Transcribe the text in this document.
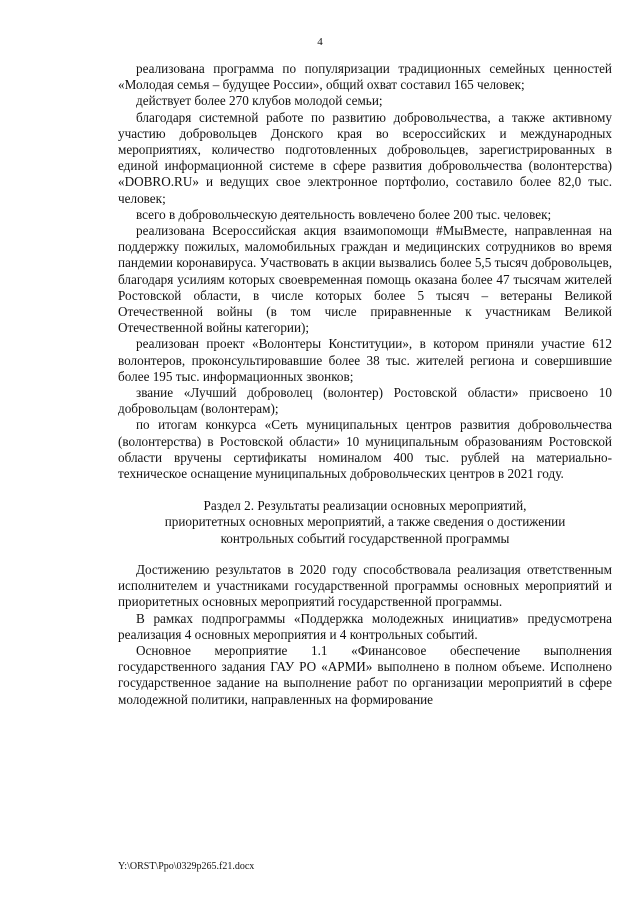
4

реализована программа по популяризации традиционных семейных ценностей «Молодая семья – будущее России», общий охват составил 165 человек;

действует более 270 клубов молодой семьи;

благодаря системной работе по развитию добровольчества, а также активному участию добровольцев Донского края во всероссийских и международных мероприятиях, количество подготовленных добровольцев, зарегистрированных в единой информационной системе в сфере развития добровольчества (волонтерства) «DOBRO.RU» и ведущих свое электронное портфолио, составило более 82,0 тыс. человек;

всего в добровольческую деятельность вовлечено более 200 тыс. человек;

реализована Всероссийская акция взаимопомощи #МыВместе, направленная на поддержку пожилых, маломобильных граждан и медицинских сотрудников во время пандемии коронавируса. Участвовать в акции вызвались более 5,5 тысяч добровольцев, благодаря усилиям которых своевременная помощь оказана более 47 тысячам жителей Ростовской области, в числе которых более 5 тысяч – ветераны Великой Отечественной войны (в том числе приравненные к участникам Великой Отечественной войны категории);

реализован проект «Волонтеры Конституции», в котором приняли участие 612 волонтеров, проконсультировавшие более 38 тыс. жителей региона и совершившие более 195 тыс. информационных звонков;

звание «Лучший доброволец (волонтер) Ростовской области» присвоено 10 добровольцам (волонтерам);

по итогам конкурса «Сеть муниципальных центров развития добровольчества (волонтерства) в Ростовской области» 10 муниципальным образованиям Ростовской области вручены сертификаты номиналом 400 тыс. рублей на материально-техническое оснащение муниципальных добровольческих центров в 2021 году.

Раздел 2. Результаты реализации основных мероприятий,
приоритетных основных мероприятий, а также сведения о достижении
контрольных событий государственной программы

Достижению результатов в 2020 году способствовала реализация ответственным исполнителем и участниками государственной программы основных мероприятий и приоритетных основных мероприятий государственной программы.

В рамках подпрограммы «Поддержка молодежных инициатив» предусмотрена реализация 4 основных мероприятия и 4 контрольных событий.

Основное мероприятие 1.1 «Финансовое обеспечение выполнения государственного задания ГАУ РО «АРМИ» выполнено в полном объеме. Исполнено государственное задание на выполнение работ по организации мероприятий в сфере молодежной политики, направленных на формирование

Y:\ORST\Ppo\0329p265.f21.docx
